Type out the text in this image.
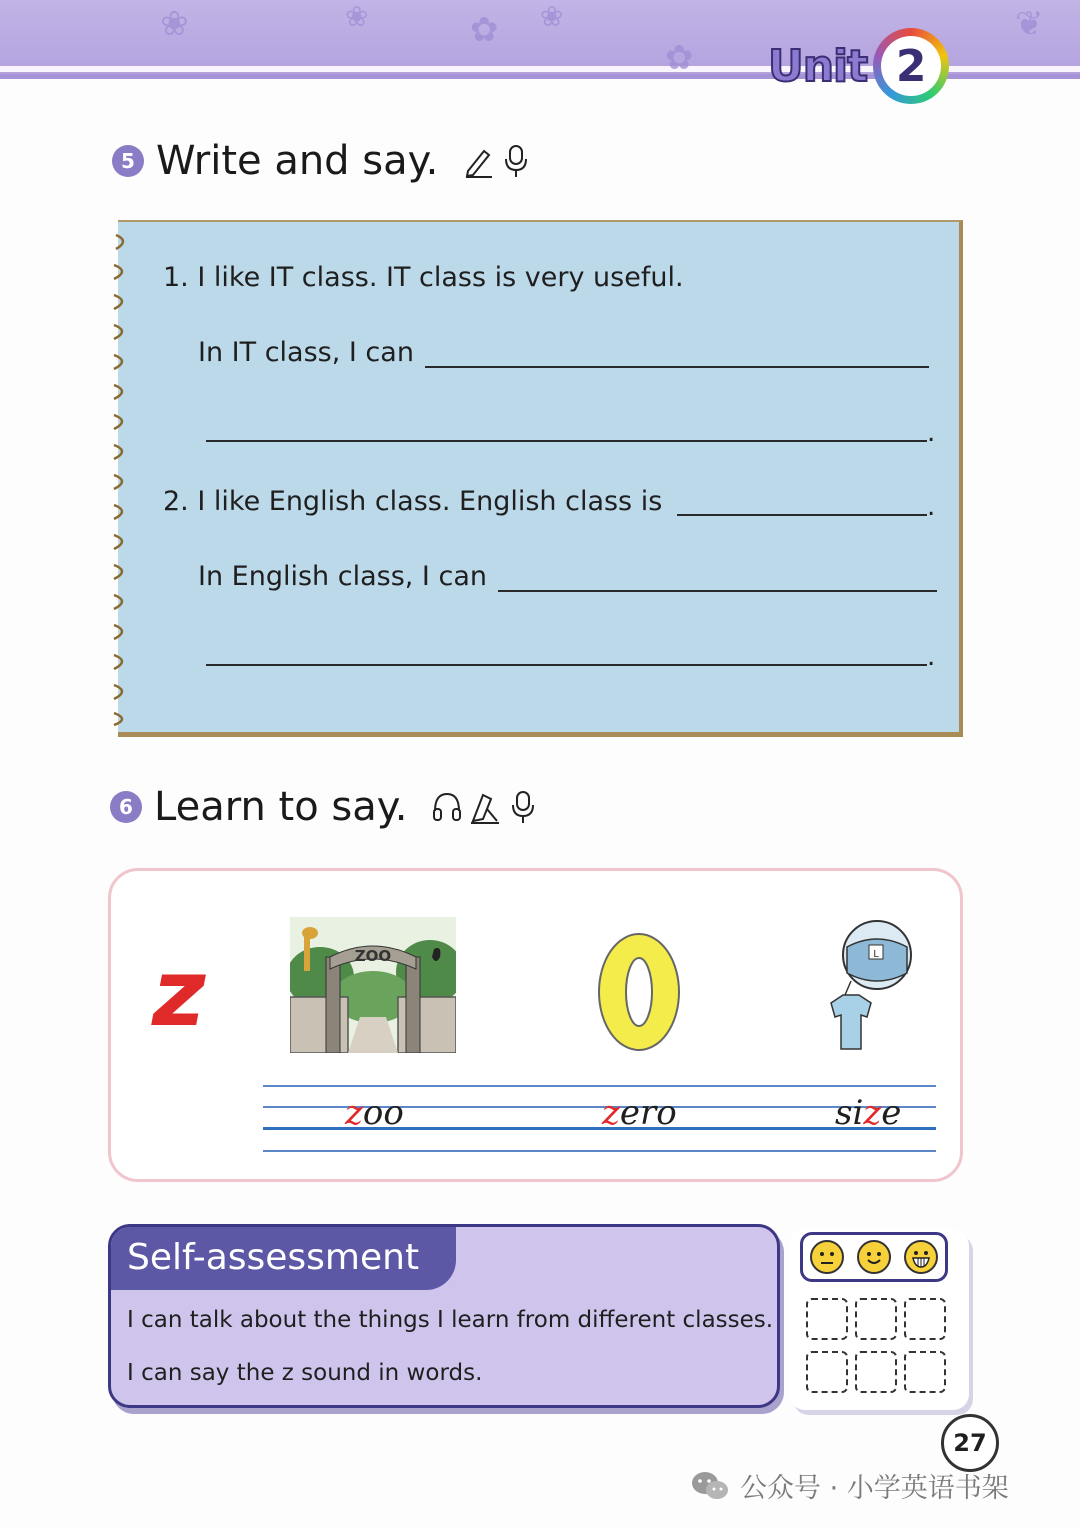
❀	❀	✿ ❀
✿
❦
Unit 2
5 Write and say.
1. I like IT class. IT class is very useful.
In IT class, I can
.
2. I like English class. English class is	.
In English class, I can
.
6 Learn to say.
z	ZOO	L
zoo	zero	size
Self-assessment
I can talk about the things I learn from different classes.
I can say the z sound in words.
27
公众号 · 小学英语书架
